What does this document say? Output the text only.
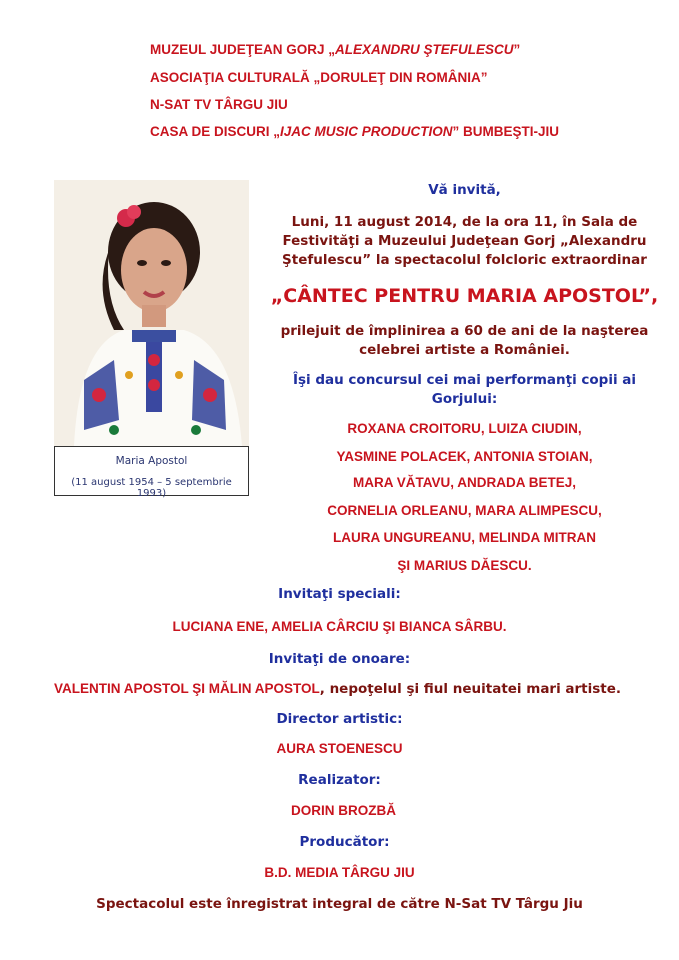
MUZEUL JUDEŢEAN GORJ „ALEXANDRU ŞTEFULESCU”
ASOCIAŢIA CULTURALĂ „DORULEŢ DIN ROMÂNIA”
N-SAT TV TÂRGU JIU
CASA DE DISCURI „IJAC MUSIC PRODUCTION” BUMBEŞTI-JIU
Maria Apostol
(11 august 1954 – 5 septembrie 1993)
Vă invită,
Luni, 11 august 2014, de la ora 11, în Sala de
Festivităţi a Muzeului Judeţean Gorj „Alexandru
Ştefulescu” la spectacolul folcloric extraordinar
„CÂNTEC PENTRU MARIA APOSTOL”,
prilejuit de împlinirea a 60 de ani de la naşterea
celebrei artiste a României.
Îşi dau concursul cei mai performanţi copii ai
Gorjului:
ROXANA CROITORU, LUIZA CIUDIN,
YASMINE POLACEK, ANTONIA STOIAN,
MARA VĂTAVU, ANDRADA BETEJ,
CORNELIA ORLEANU, MARA ALIMPESCU,
LAURA UNGUREANU, MELINDA MITRAN
ŞI MARIUS DĂESCU.
Invitaţi speciali:
LUCIANA ENE, AMELIA CÂRCIU ŞI BIANCA SÂRBU.
Invitaţi de onoare:
VALENTIN APOSTOL ŞI MĂLIN APOSTOL, nepoţelul şi fiul neuitatei mari artiste.
Director artistic:
AURA STOENESCU
Realizator:
DORIN BROZBĂ
Producător:
B.D. MEDIA TÂRGU JIU
Spectacolul este înregistrat integral de către N-Sat TV Târgu Jiu
